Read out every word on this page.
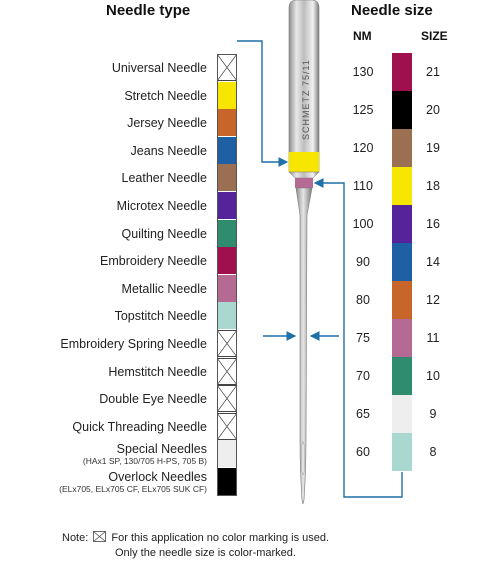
Needle type	Needle size
NM	SIZE
Universal Needle
Stretch Needle
Jersey Needle
Jeans Needle
Leather Needle
Microtex Needle
Quilting Needle
Embroidery Needle
Metallic Needle
Topstitch Needle
Embroidery Spring Needle
Hemstitch Needle
Double Eye Needle
Quick Threading Needle
Special Needles
(HAx1 SP, 130/705 H-PS, 705 B)
Overlock Needles
(ELx705, ELx705 CF, ELx705 SUK CF)
130	21
125	20
120	19
110	18
100	16
90	14
80	12
75	11
70	10
65	9
60	8
SCHMETZ 75/11
Note: For this application no color marking is used.
Only the needle size is color-marked.
